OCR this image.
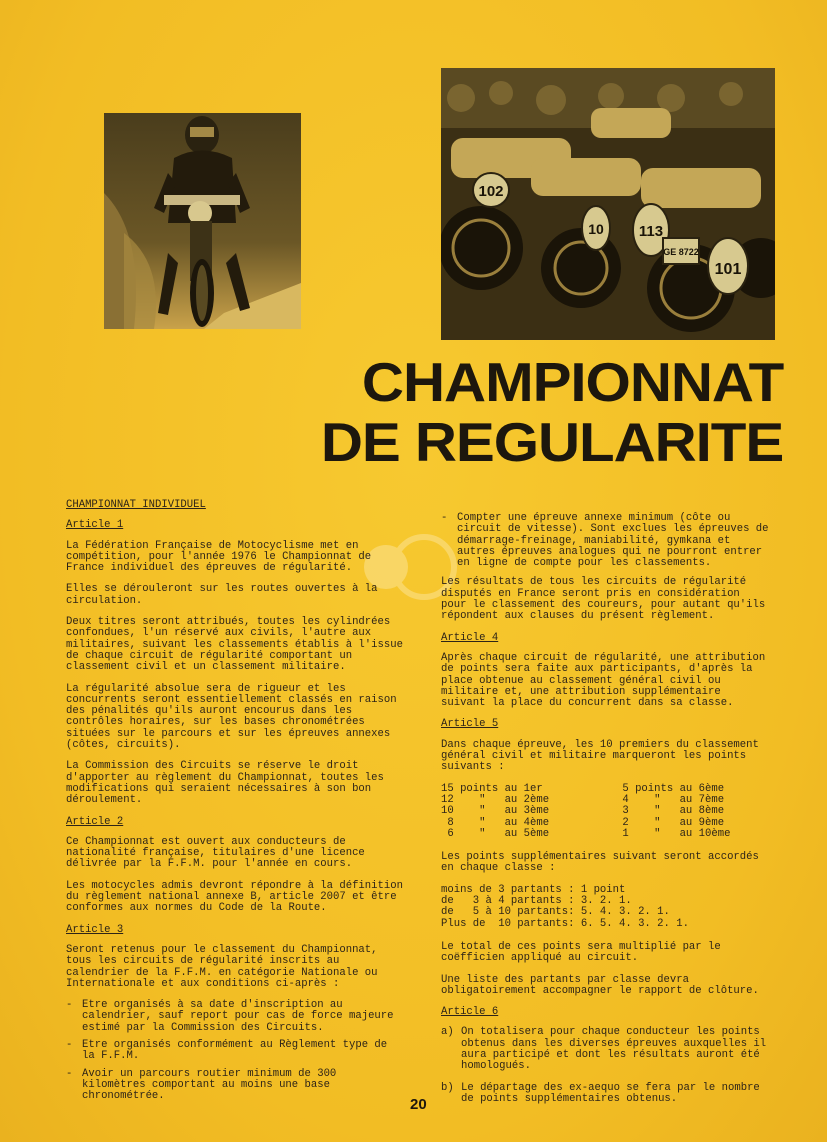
102
113
101
10
GE 8722
CHAMPIONNAT
DE REGULARITE
CHAMPIONNAT INDIVIDUEL
Article 1

La Fédération Française de Motocyclisme met en compétition, pour l'année 1976 le Championnat de France individuel des épreuves de régularité.

Elles se dérouleront sur les routes ouvertes à la circulation.

Deux titres seront attribués, toutes les cylindrées confondues, l'un réservé aux civils, l'autre aux militaires, suivant les classements établis à l'issue de chaque circuit de régularité comportant un classement civil et un classement militaire.

La régularité absolue sera de rigueur et les concurrents seront essentiellement classés en raison des pénalités qu'ils auront encourus dans les contrôles horaires, sur les bases chronométrées situées sur le parcours et sur les épreuves annexes (côtes, circuits).

La Commission des Circuits se réserve le droit d'apporter au règlement du Championnat, toutes les modifications qui seraient nécessaires à son bon déroulement.

Article 2

Ce Championnat est ouvert aux conducteurs de nationalité française, titulaires d'une licence délivrée par la F.F.M. pour l'année en cours.

Les motocycles admis devront répondre à la définition du règlement national annexe B, article 2007 et être conformes aux normes du Code de la Route.

Article 3

Seront retenus pour le classement du Championnat, tous les circuits de régularité inscrits au calendrier de la F.F.M. en catégorie Nationale ou Internationale et aux conditions ci-après :

- Etre organisés à sa date d'inscription au calendrier, sauf report pour cas de force majeure estimé par la Commission des Circuits.
- Etre organisés conformément au Règlement type de la F.F.M.
- Avoir un parcours routier minimum de 300 kilomètres comportant au moins une base chronométrée.
- Compter une épreuve annexe minimum (côte ou circuit de vitesse). Sont exclues les épreuves de démarrage-freinage, maniabilité, gymkana et autres épreuves analogues qui ne pourront entrer en ligne de compte pour les classements.

Les résultats de tous les circuits de régularité disputés en France seront pris en considération pour le classement des coureurs, pour autant qu'ils répondent aux clauses du présent règlement.

Article 4

Après chaque circuit de régularité, une attribution de points sera faite aux participants, d'après la place obtenue au classement général civil ou militaire et, une attribution supplémentaire suivant la place du concurrent dans sa classe.

Article 5

Dans chaque épreuve, les 10 premiers du classement général civil et militaire marqueront les points suivants :

15 points au 1er	5 points au 6ème
12    "   au 2ème	4    "   au 7ème
10    "   au 3ème	3    "   au 8ème
8    "   au 4ème	2    "   au 9ème
6    "   au 5ème	1    "   au 10ème

Les points supplémentaires suivant seront accordés en chaque classe :

moins de 3 partants : 1 point
de   3 à 4 partants : 3. 2. 1.
de   5 à 10 partants: 5. 4. 3. 2. 1.
Plus de  10 partants: 6. 5. 4. 3. 2. 1.

Le total de ces points sera multiplié par le coëfficien appliqué au circuit.

Une liste des partants par classe devra obligatoirement accompagner le rapport de clôture.

Article 6
a) On totalisera pour chaque conducteur les points obtenus dans les diverses épreuves auxquelles il aura participé et dont les résultats auront été homologués.
b) Le départage des ex-aequo se fera par le nombre de points supplémentaires obtenus.
20
